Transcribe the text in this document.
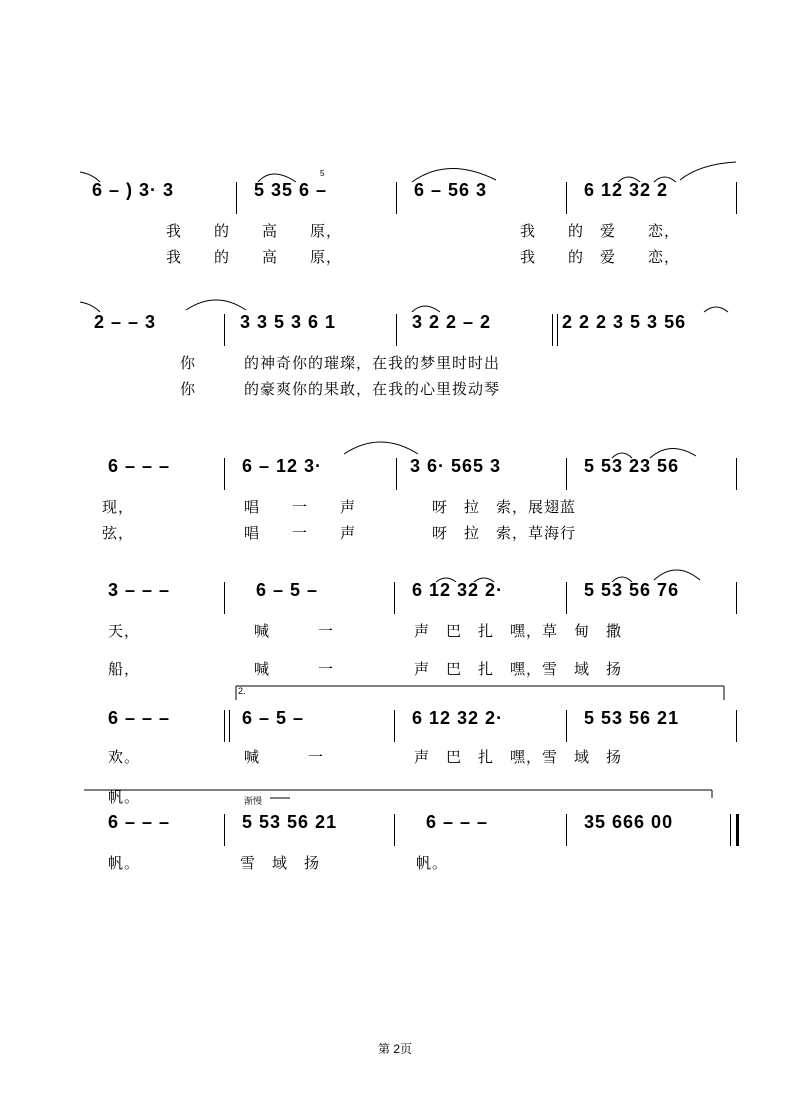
6 – ) 3· 3	5 35 6 –	6 – 56 3	6 12 32 2

我　　的　　高　　原，

	我　　的　爱　　恋，

我　　的　　高　　原，

	我　　的　爱　　恋，

2 – – 3	3 3 5 3 6 1	3 2 2 – 2	2 2 2 3 5 3 56

你　　　的神奇你的璀璨，在我的梦里时时出

你　　　的豪爽你的果敢，在我的心里拨动琴

6 – – –	6 – 12 3·	3 6· 565 3	5 53 23 56

现，

	唱　　一　　声

	呀　拉　索，展翅蓝

弦，

	唱　　一　　声

	呀　拉　索，草海行

3 – – –	6 – 5 –	6 12 32 2·	5 53 56 76

天，

	喊　　　一

	声　巴　扎　嘿，草　甸　撒

船，

	喊　　　一

	声　巴　扎　嘿，雪　域　扬

2.
6 – – –	6 – 5 –	6 12 32 2·	5 53 56 21

欢。

	喊　　　一

	声　巴　扎　嘿，雪　域　扬

帆。	渐慢
6 – – –	5 53 56 21	6 – – –	35 666 00

帆。

	雪　域　扬

	帆。

5
第 2页
